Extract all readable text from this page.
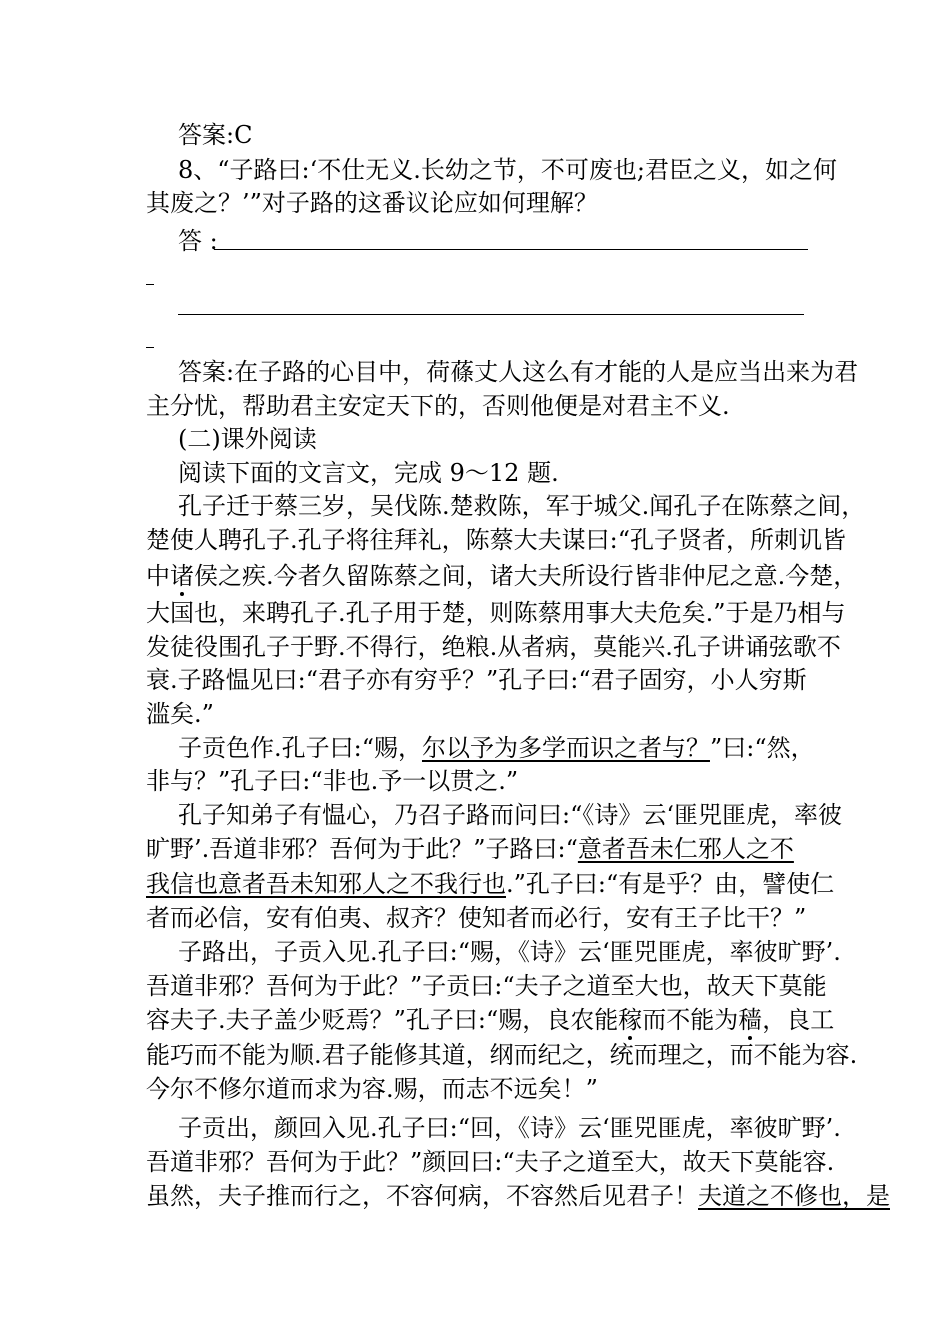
答案:C
8、“子路曰:‘不仕无义.长幼之节，不可废也;君臣之义，如之何
其废之？’”对子路的这番议论应如何理解？
答 :
答案:在子路的心目中，荷蓧丈人这么有才能的人是应当出来为君
主分忧，帮助君主安定天下的，否则他便是对君主不义.
(二)课外阅读
阅读下面的文言文，完成 9～12 题.
孔子迁于蔡三岁，吴伐陈.楚救陈，军于城父.闻孔子在陈蔡之间，
楚使人聘孔子.孔子将往拜礼，陈蔡大夫谋曰:“孔子贤者，所刺讥皆
中诸侯之疾.今者久留陈蔡之间，诸大夫所设行皆非仲尼之意.今楚，
大国也，来聘孔子.孔子用于楚，则陈蔡用事大夫危矣.”于是乃相与
发徒役围孔子于野.不得行，绝粮.从者病，莫能兴.孔子讲诵弦歌不
衰.子路愠见曰:“君子亦有穷乎？”孔子曰:“君子固穷，小人穷斯
滥矣.”
子贡色作.孔子曰:“赐，尔以予为多学而识之者与？”曰:“然，
非与？”孔子曰:“非也.予一以贯之.”
孔子知弟子有愠心，乃召子路而问曰:“《诗》云‘匪兕匪虎，率彼
旷野’.吾道非邪？吾何为于此？”子路曰:“意者吾未仁邪人之不
我信也意者吾未知邪人之不我行也.”孔子曰:“有是乎？由，譬使仁
者而必信，安有伯夷、叔齐？使知者而必行，安有王子比干？”
子路出，子贡入见.孔子曰:“赐，《诗》云‘匪兕匪虎，率彼旷野’.
吾道非邪？吾何为于此？”子贡曰:“夫子之道至大也，故天下莫能
容夫子.夫子盖少贬焉？”孔子曰:“赐，良农能稼而不能为穑，良工
能巧而不能为顺.君子能修其道，纲而纪之，统而理之，而不能为容.
今尔不修尔道而求为容.赐，而志不远矣！”
子贡出，颜回入见.孔子曰:“回，《诗》云‘匪兕匪虎，率彼旷野’.
吾道非邪？吾何为于此？”颜回曰:“夫子之道至大，故天下莫能容.
虽然，夫子推而行之，不容何病，不容然后见君子！夫道之不修也，是
